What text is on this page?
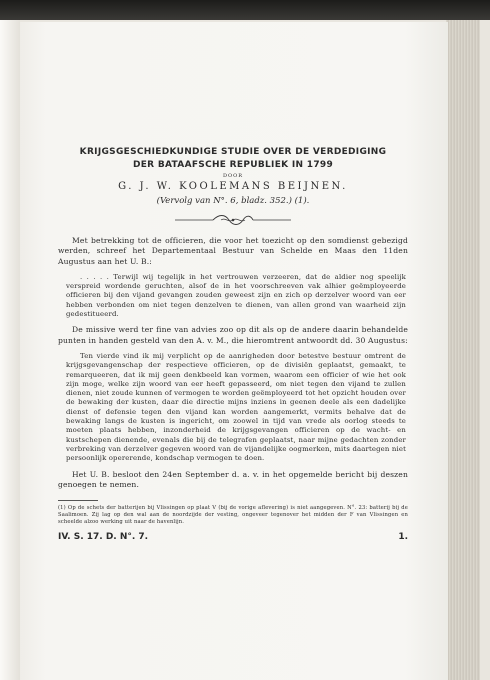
KRIJGSGESCHIEDKUNDIGE STUDIE OVER DE VERDEDIGING
DER BATAAFSCHE REPUBLIEK IN 1799
DOOR
G. J. W. KOOLEMANS BEIJNEN.
(Vervolg van N°. 6, bladz. 352.) (1).

Met betrekking tot de officieren, die voor het toezicht op den somdienst gebezigd werden, schreef het Departementaal Bestuur van Schelde en Maas den 11den Augustus aan het U. B.:

. . . . . Terwijl wij tegelijk in het vertrouwen verzeeren, dat de aldier nog speelijk verspreid wordende geruchten, alsof de in het voorschreeven vak alhier geëmployeerde officieren bij den vijand gevangen zouden geweest zijn en zich op derzelver woord van eer hebben verbonden om niet tegen denzelven te dienen, van allen grond van waarheid zijn gedestitueerd.

De missive werd ter fine van advies zoo op dit als op de andere daarin behandelde punten in handen gesteld van den A. v. M., die hieromtrent antwoordt dd. 30 Augustus:

Ten vierde vind ik mij verplicht op de aanrigheden door betestve bestuur omtrent de krijgsgevangenschap der respectieve officieren, op de divisiën geplaatst, gemaakt, te remarqueeren, dat ik mij geen denkbeeld kan vormen, waarom een officier of wie het ook zijn moge, welke zijn woord van eer heeft gepasseerd, om niet tegen den vijand te zullen dienen, niet zoude kunnen of vermogen te worden geëmployeerd tot het opzicht houden over de bewaking der kusten, daar die directie mijns inziens in geenen deele als een dadelijke dienst of defensie tegen den vijand kan worden aangemerkt, vermits behalve dat de bewaking langs de kusten is ingericht, om zoowel in tijd van vrede als oorlog steeds te moeten plaats hebben, inzonderheid de krijgsgevangen officieren op de wacht- en kustschepen dienende, evenals die bij de telegrafen geplaatst, naar mijne gedachten zonder verbreking van derzelver gegeven woord van de vijandelijke oogmerken, mits daartegen niet persoonlijk opererende, kondschap vermogen te doen.

Het U. B. besloot den 24en September d. a. v. in het opgemelde bericht bij deszen genoegen te nemen.

(1) Op de schets der batterijen bij Vlissingen op plaat V (bij de vorige aflevering) is niet aangegeven. N°. 23: batterij bij de Saalimoen. Zij lag op den wal aan de noordzijde der vesting, ongeveer tegenover het midden der F van Vlissingen en scheelde alzoo werking uit naar de havenlijn.

IV. S. 17. D. N°. 7.	1.
